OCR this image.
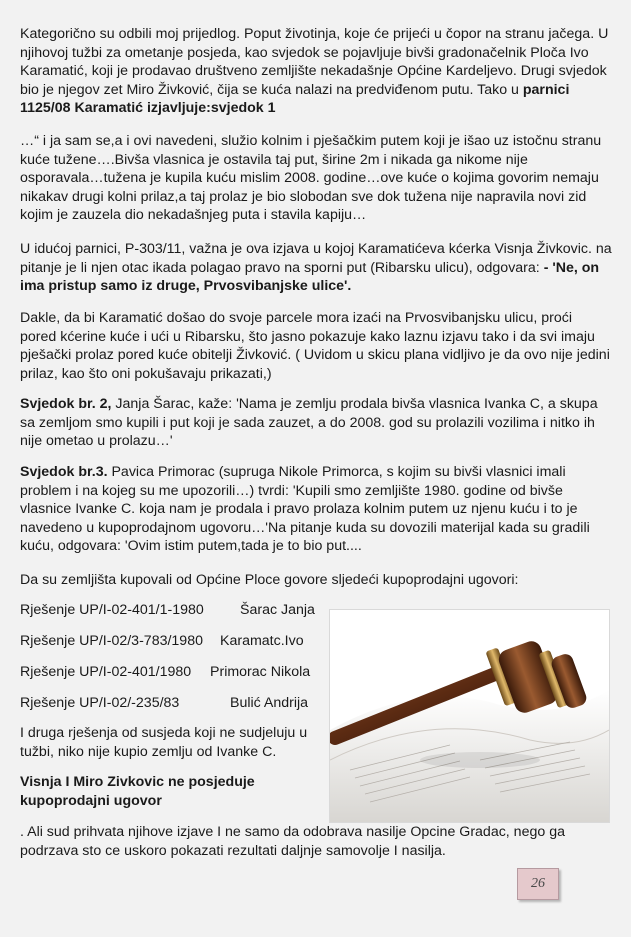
Kategorično su odbili moj prijedlog. Poput životinja, koje će prijeći u čopor na stranu jačega. U njihovoj tužbi za ometanje posjeda, kao svjedok se pojavljuje bivši gradonačelnik Ploča Ivo Karamatić, koji je prodavao društveno zemljište nekadašnje Općine Kardeljevo. Drugi svjedok bio je njegov zet Miro Živković, čija se kuća nalazi na predviđenom putu. Tako u parnici 1125/08 Karamatić izjavljuje:svjedok 1

…“ i ja sam se,a i ovi navedeni, služio kolnim i pješačkim putem koji je išao uz istočnu stranu kuće tužene….Bivša vlasnica je ostavila taj put, širine 2m i nikada ga nikome nije osporavala…tužena je kupila kuću mislim 2008. godine…ove kuće o kojima govorim nemaju nikakav drugi kolni prilaz,a taj prolaz je bio slobodan sve dok tužena nije napravila novi zid kojim je zauzela dio nekadašnjeg puta i stavila kapiju…

U idućoj parnici, P-303/11, važna je ova izjava u kojoj Karamatićeva kćerka Visnja Živkovic. na pitanje je li njen otac ikada polagao pravo na sporni put (Ribarsku ulicu), odgovara: - 'Ne, on ima pristup samo iz druge, Prvosvibanjske ulice'.

Dakle, da bi Karamatić došao do svoje parcele mora izaći na Prvosvibanjsku ulicu, proći pored kćerine kuće i ući u Ribarsku, što jasno pokazuje kako laznu izjavu tako i da svi imaju pješački prolaz pored kuće obitelji Živković. ( Uvidom u skicu plana vidljivo je da ovo nije jedini prilaz, kao što oni pokušavaju prikazati,)

Svjedok br. 2, Janja Šarac, kaže: 'Nama je zemlju prodala bivša vlasnica Ivanka C, a skupa sa zemljom smo kupili i put koji je sada zauzet, a do 2008. god su prolazili vozilima i nitko ih nije ometao u prolazu…'

Svjedok br.3. Pavica Primorac (supruga Nikole Primorca, s kojim su bivši vlasnici imali problem i na kojeg su me upozorili…) tvrdi: 'Kupili smo zemljište 1980. godine od bivše vlasnice Ivanke C. koja nam je prodala i pravo prolaza kolnim putem uz njenu kuću i to je navedeno u kupoprodajnom ugovoru…'Na pitanje kuda su dovozili materijal kada su gradili kuću, odgovara: 'Ovim istim putem,tada je to bio put....

Da su zemljišta kupovali od Općine Ploce govore sljedeći kupoprodajni ugovori:

Rješenje UP/I-02-401/1-1980	Šarac Janja
Rješenje UP/I-02/3-783/1980 Karamatc.Ivo
Rješenje UP/I-02-401/1980 Primorac Nikola
Rješenje UP/I-02/-235/83	Bulić Andrija

I druga rješenja od susjeda koji ne sudjeluju u tužbi, niko nije kupio zemlju od Ivanke C.

Visnja I Miro Zivkovic ne posjeduje kupoprodajni ugovor

. Ali sud prihvata njihove izjave I ne samo da odobrava nasilje Opcine Gradac, nego ga podrzava sto ce uskoro pokazati rezultati daljnje samovolje I nasilja.

26
